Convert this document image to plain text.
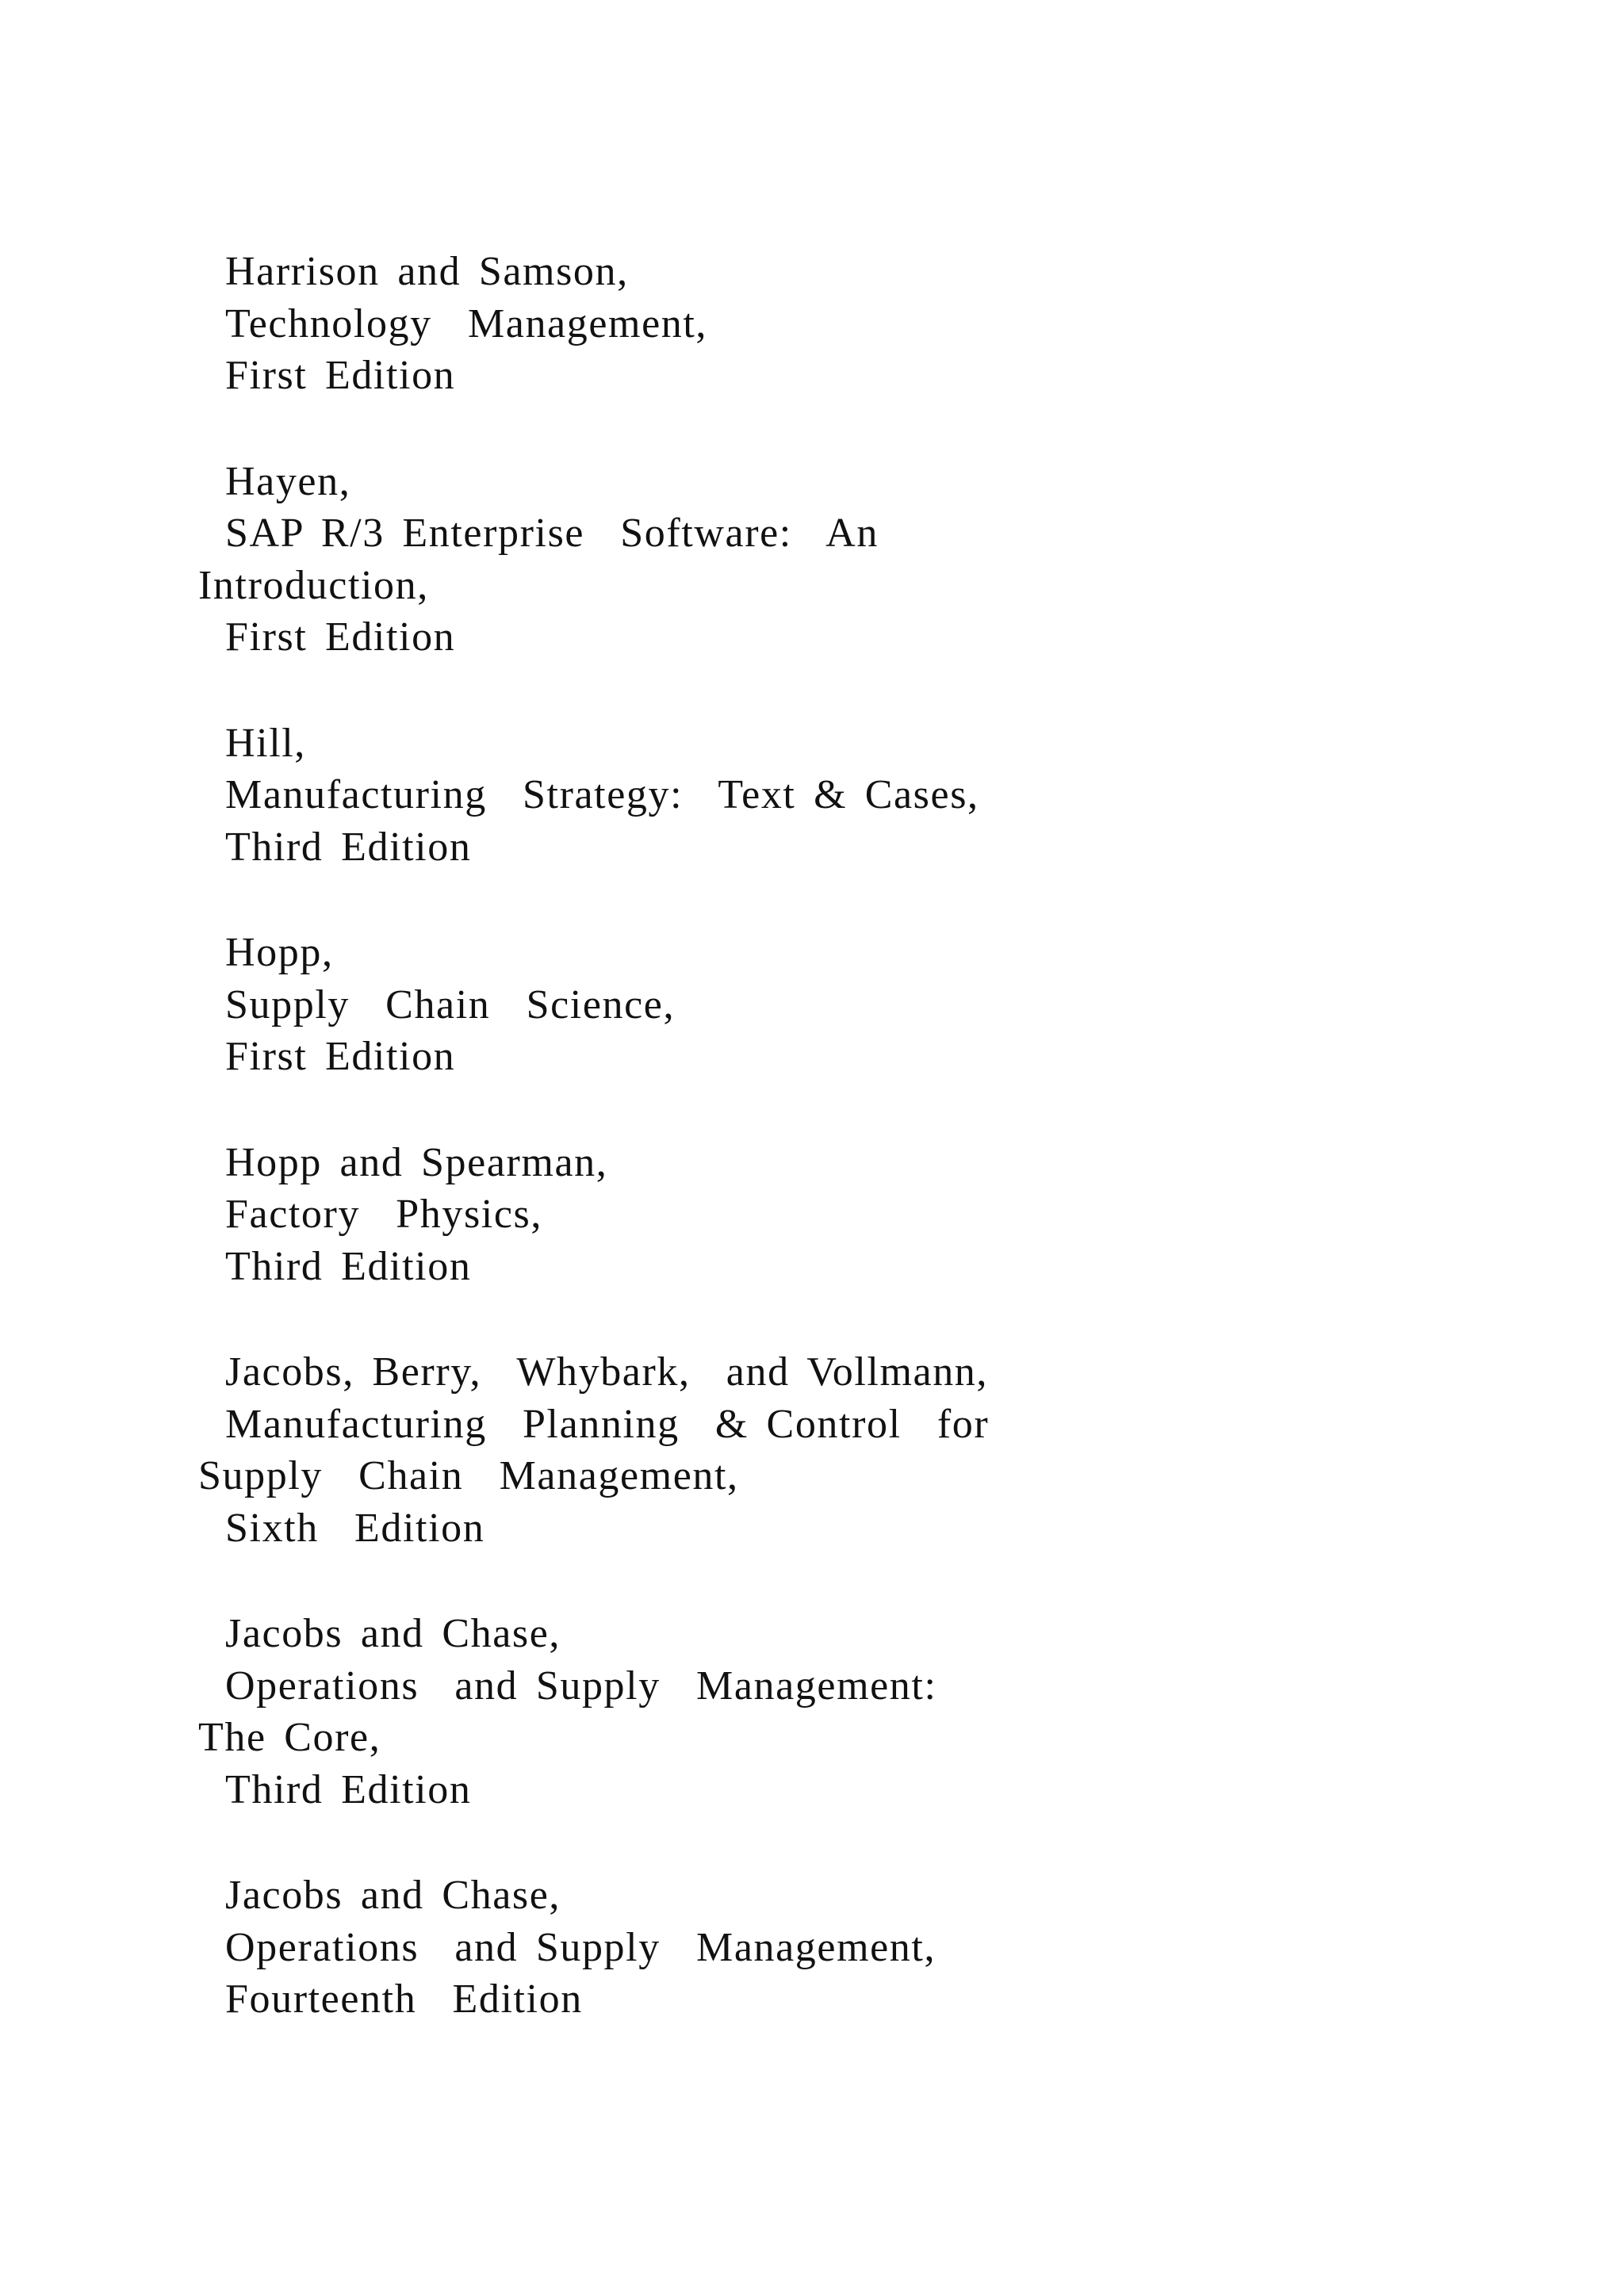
Harrison and Samson,
Technology  Management,
First Edition
Hayen,
SAP R/3 Enterprise  Software:  An
Introduction,
First Edition
Hill,
Manufacturing  Strategy:  Text & Cases,
Third Edition
Hopp,
Supply  Chain  Science,
First Edition
Hopp and Spearman,
Factory  Physics,
Third Edition
Jacobs, Berry,  Whybark,  and Vollmann,
Manufacturing  Planning  & Control  for
Supply  Chain  Management,
Sixth  Edition
Jacobs and Chase,
Operations  and Supply  Management:
The Core,
Third Edition
Jacobs and Chase,
Operations  and Supply  Management,
Fourteenth  Edition
